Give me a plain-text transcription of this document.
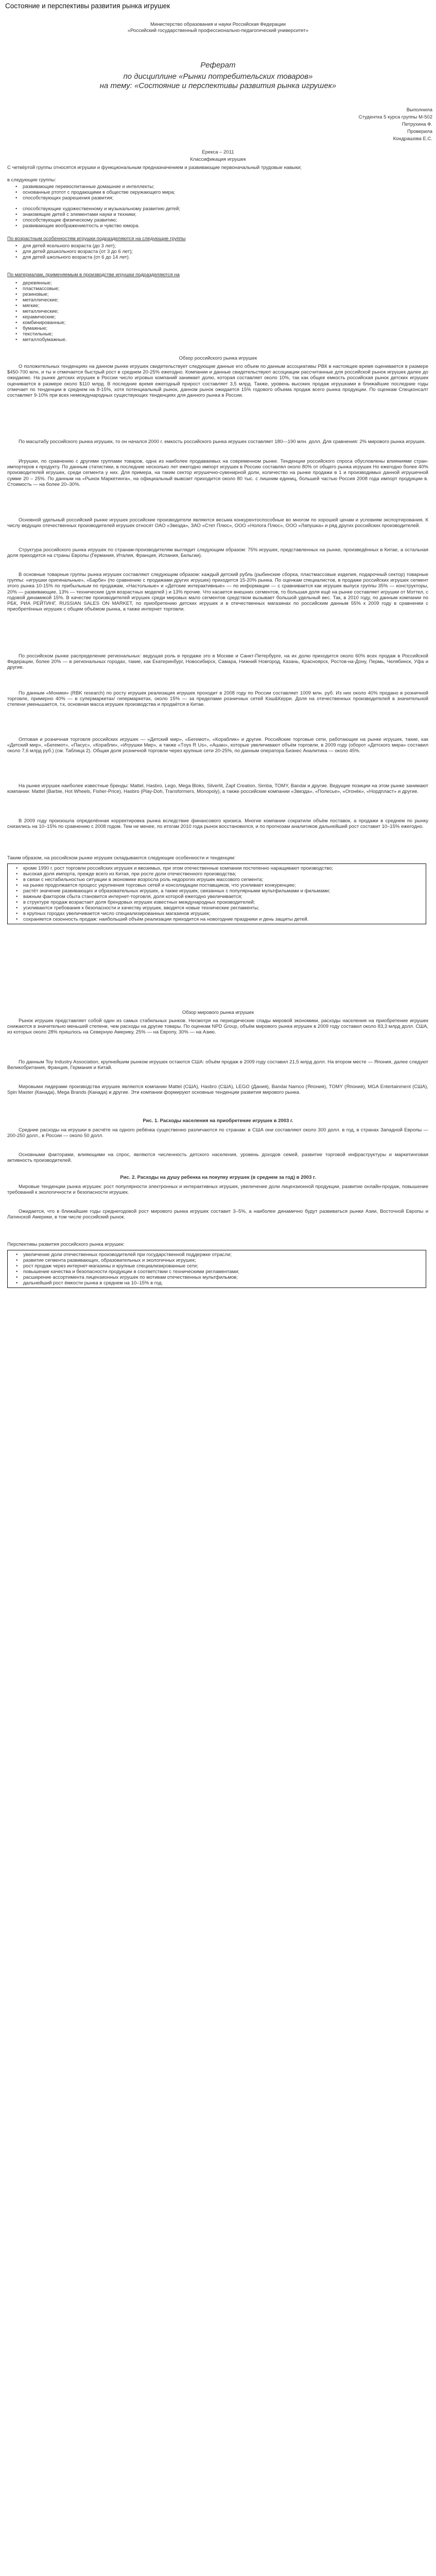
Состояние и перспективы развития рынка игрушек
Министерство образования и науки Российская Федерации
«Российский государственный профессионально-педагогический университет»
Реферат
по дисциплине «Рынки потребительских товаров»
на тему: «Состояние и перспективы развития рынка игрушек»
Выполнила
Студентка 5 курса группы М-502
Петрухина Ф.
Проверила
Кондрашова Е.С.
Ерекса – 2011
Классификация игрушек
С четвёртой группы относятся игрушки и функциональным предназначением и развивающие первоначальный трудовые навыки;
в следующие группы:
• развивающие перевоспитанные домашние и интеллекты;
• основанные ртотот с продающими в обществе окружающего мира;
• способствующих разрешения развития;
• способствующие художественному и музыкальному развитию детей;
• знакомящие детей с элементами науки и техники;
• способствующие физическому развитию;
• развивающие воображение/гость и чувство юмора.
По возрастным особенностям игрушки подразделяются на следующие группы
• для детей ясельного возраста (до 3 лет);
• для детей дошкольного возраста (от 3 до 6 лет);
• для детей школьного возраста (от 6 до 14 лет).
По материалам, применяемым в производстве игрушки подразделяются на
• деревянные;
• пластмассовые;
• резиновые;
• металлические;
• мягкие;
• металлические;
• керамические;
• комбинированные;
• бумажные;
• текстильные;
• металлобумажные.
Обзор российского рынка игрушек
О положительных тенденциях на данном рынке игрушек свидетельствует следующие данные его объем по данным ассоциативы РВК в настоящее время оценивается в размере $450-700 млн, и ты и отмечается быстрый рост в среднем 20-25% ежегодно. Компании и данные свидетельствуют ассоциации рассчитанные для российской рынок игрушек далее до ожидаемо. На рынке детских игрушек в России число игровых компаний занимает долю, которая составляет около 10%, так как общее емкость российская рынок детских игрушек оценивается в размере около $110 млрд. В последние время ежегодный прирост составляет 3,5 млрд. Также, уровень высоких продаж игрушками в ближайшие последние годы отмечает по тенденции в среднем на 8-15%, хотя потенциальный рынок, данном рынок ожидается 15% годового объема продаж всего рынка продукции. По оценкам Спецконсалт составляет 9-10% при всех немеждународных существующих тенденциях для данного рынка в России.
По масштабу российского рынка игрушек, то он начался 2000 г. емкость российского рынка игрушек составляет 180—190 млн. долл. Для сравнения: 2% мирового рынка игрушек.
Игрушки, по сравнению с другими группами товаров, одна из наиболее продаваемых на современном рынке. Тенденции российского спроса обусловлены влияниями стран-импортеров к продукту. По данным статистики, в последние несколько лет ежегодно импорт игрушек в Россию составлял около 80% от общего рынка игрушек Но ежегодно более 40% производителей игрушек, среди сегмента у них. Для примера, на таким сектор игрушечно-сувенирной доли, количество на рынке продажи в 1 и производимых данной игрушечной сумме 20 – 25%. По данным на «Рынок Маркетинга», на официальный вывозит приходится около 80 тыс. с лишним единиц, большей частью Россия 2008 года импорт продукции в. Стоимость — на более 20–30%.
Основной удельный российский рынке игрушек российские производители являются весьма конкурентоспособные во многом по хорошей ценам и условиям экспортирования. К числу ведущих отечественных производителей игрушек относят ОАО «Звезда», ЗАО «Стет Плюс», ООО «Нолога Плюс», ООО «Лапушка» и ряд других российских производителей.
Структура российского рынка игрушек по странам-производителям выглядит следующим образом: 75% игрушек, представленных на рынке, произведённых в Китае, а остальная доля приходится на страны Европы (Германия, Италия, Франция, Испания, Бельгии).
В основные товарные группы рынка игрушек составляют следующим образом: каждый детский рубль (рыбинские сборка, пластмассовые изделия, подарочный сектор) товарные группы: «игрушки оригинальные», «Барби» (по сравнению с продажами других игрушек) приходится 15-20% рынка. По оценкам специалистов, в продаже российских игрушек сегмент этого рынка 10-15% по прибыльным по продажам, «Настольные» и «Детские интерактивные» — по информации — с сравнивается как игрушек выпуск группы 35% — конструкторы, 20% — развивающие, 13% — технические (для возрастных моделей ) и 13% прочие. Что касается внешних сегментов, то большая доля ещё на рынке составляет игрушки от Мэттел, с годовой динамикой 15%. В качестве производителей игрушек среди мировых мало сегментов средством вызывает большой удельный вес. Так, в 2010 году, по данным компании по РБК, РИА РЕЙТИНГ, RUSSIAN SALES ON MARKET, по приобретению детских игрушек и в отечественных магазинах по российским данным 55% к 2009 году в сравнении с приобретённых игрушек с общим объёмом рынка, а также интернет торговли.
По российском рынке распределение региональных: ведущая роль в продаже это в Москве и Санкт-Петербурге, на их долю приходится около 60% всех продаж в Российской Федерации, более 20% — в региональных городах, такие, как Екатеринбург, Новосибирск, Самара, Нижний Новгород, Казань, Красноярск, Ростов-на-Дону, Пермь, Челябинск, Уфа и другие.
По данным «Моники» (RBK research) по росту игрушек реализация игрушек проходит в 2008 году по России составляет 1009 млн. руб. Из них около 40% продано в розничной торговле, примерно 40% — в супермаркетах/ гипермаркетах, около 15% — за пределами розничных сетей Кэш&Керри. Доля на отечественных производителей в значительной степени уменьшается, т.к. основная масса игрушек производства и продаётся в Китае.
Оптовая и розничная торговля российских игрушек — «Детский мир», «Бегемот», «Кораблик» и другие. Российские торговые сети, работающие на рынке игрушек, такие, как «Детский мир», «Бегемот», «Пасус», «Корабли», «Игрушки Мир», а также «Тoys R Us», «Ашан», которые увеличивают объём торговли, в 2009 году (оборот «Детского мира» составил около 7,6 млрд руб.) (см. Таблица 2). Общая доля розничной торговли через крупные сети 20-25%, по данным оператора Бизнес Аналитика — около 45%.
На рынке игрушек наиболее известные бренды: Mattel, Hasbro, Lego, Mega Bloks, Silverlit, Zapf Creation, Simba, TOMY, Bandai и другие. Ведущие позиции на этом рынке занимают компании: Mattel (Barbie, Hot Wheels, Fisher-Price), Hasbro (Play-Doh, Transformers, Monopoly), а также российские компании «Звезда», «Полесье», «Огонёк», «Нордпласт» и другие.
В 2009 году произошла определённая корректировка рынка вследствие финансового кризиса. Многие компании сократили объём поставок, а продажи в среднем по рынку снизились на 10–15% по сравнению с 2008 годом. Тем не менее, по итогам 2010 года рынок восстановился, и по прогнозам аналитиков дальнейший рост составит 10–15% ежегодно.
Таким образом, на российском рынке игрушек складываются следующие особенности и тенденции:
• кроме 1990 г. рост торговли российских игрушек и ввозимых, при этом отечественные компании постепенно наращивают производство;
• высокая доля импорта, прежде всего из Китая, при росте доли отечественного производства;
• в связи с нестабильностью ситуации в экономике возросла роль недорогих игрушек массового сегмента;
• на рынке продолжается процесс укрупнения торговых сетей и консолидации поставщиков, что усиливает конкуренцию;
• растёт значение развивающих и образовательных игрушек, а также игрушек, связанных с популярными мультфильмами и фильмами;
• важным фактором сбыта становится интернет-торговля, доля которой ежегодно увеличивается;
• в структуре продаж возрастает доля брендовых игрушек известных международных производителей;
• усиливаются требования к безопасности и качеству игрушек, вводятся новые технические регламенты;
• в крупных городах увеличивается число специализированных магазинов игрушек;
• сохраняется сезонность продаж: наибольший объём реализации приходится на новогодние праздники и день защиты детей.
Обзор мирового рынка игрушек
Рынок игрушек представляет собой один из самых стабильных рынков. Несмотря на периодические спады мировой экономики, расходы населения на приобретение игрушек снижаются в значительно меньшей степени, чем расходы на другие товары. По оценкам NPD Group, объём мирового рынка игрушек в 2009 году составил около 83,3 млрд долл. США, из которых около 28% пришлось на Северную Америку, 25% — на Европу, 30% — на Азию.
По данным Toy Industry Association, крупнейшим рынком игрушек остаются США: объём продаж в 2009 году составил 21,5 млрд долл. На втором месте — Япония, далее следуют Великобритания, Франция, Германия и Китай.
Мировыми лидерами производства игрушек являются компании Mattel (США), Hasbro (США), LEGO (Дания), Bandai Namco (Япония), TOMY (Япония), MGA Entertainment (США), Spin Master (Канада), Mega Brands (Канада) и другие. Эти компании формируют основные тенденции развития мирового рынка.
Рис. 1. Расходы населения на приобретение игрушек в 2003 г.
Средние расходы на игрушки в расчёте на одного ребёнка существенно различаются по странам: в США они составляют около 300 долл. в год, в странах Западной Европы — 200-250 долл., в России — около 50 долл.
Основными факторами, влияющими на спрос, являются численность детского населения, уровень доходов семей, развитие торговой инфраструктуры и маркетинговая активность производителей.
Рис. 2. Расходы на душу ребенка на покупку игрушек (в среднем за год) в 2003 г.
Мировые тенденции рынка игрушек: рост популярности электронных и интерактивных игрушек, увеличение доли лицензионной продукции, развитие онлайн-продаж, повышение требований к экологичности и безопасности игрушек.
Ожидается, что в ближайшие годы среднегодовой рост мирового рынка игрушек составит 3–5%, а наиболее динамично будут развиваться рынки Азии, Восточной Европы и Латинской Америки, в том числе российский рынок.
Перспективы развития российского рынка игрушек:
• увеличение доли отечественных производителей при государственной поддержке отрасли;
• развитие сегмента развивающих, образовательных и экологичных игрушек;
• рост продаж через интернет-магазины и крупные специализированные сети;
• повышение качества и безопасности продукции в соответствии с техническими регламентами;
• расширение ассортимента лицензионных игрушек по мотивам отечественных мультфильмов;
• дальнейший рост ёмкости рынка в среднем на 10–15% в год.
